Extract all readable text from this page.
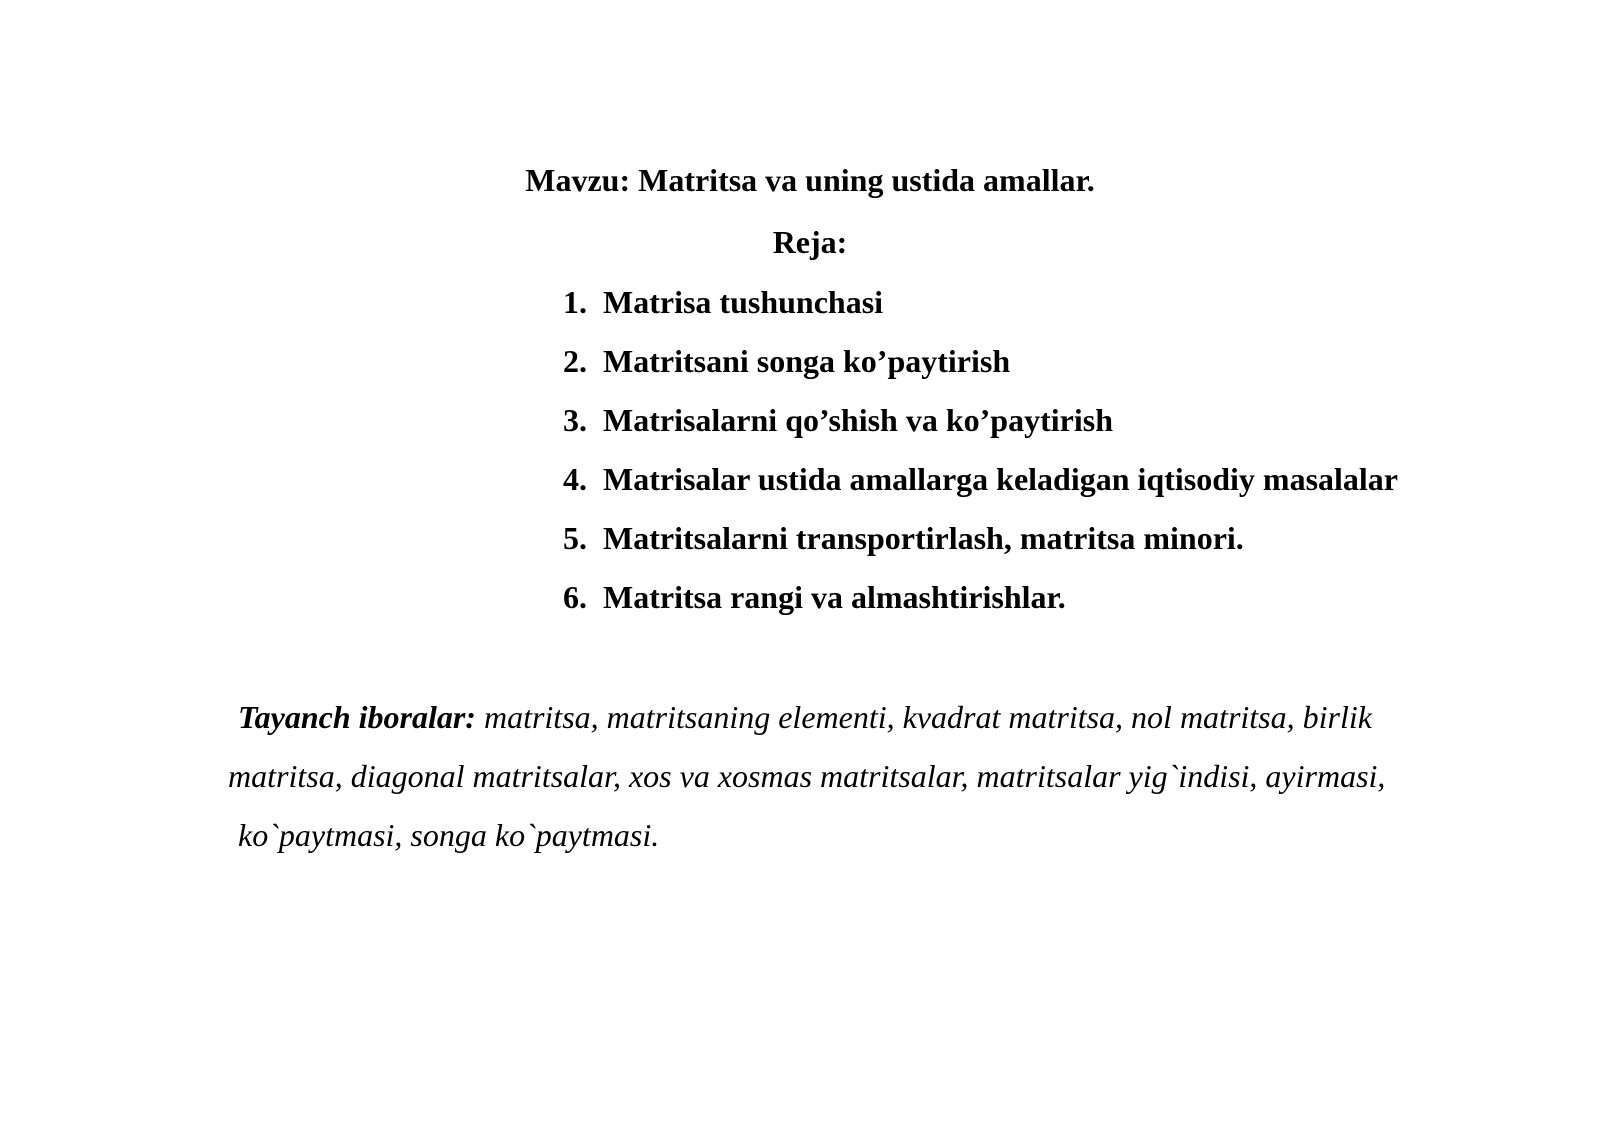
Mavzu: Matritsa va uning ustida amallar.
Reja:
1.  Matrisa tushunchasi
2.  Matritsani songa ko’paytirish
3.  Matrisalarni qo’shish va ko’paytirish
4.  Matrisalar ustida amallarga keladigan iqtisodiy masalalar
5.  Matritsalarni transportirlash, matritsa minori.
6.  Matritsa rangi va almashtirishlar.
Tayanch iboralar: matritsa, matritsaning elementi, kvadrat matritsa, nol matritsa, birlik
matritsa, diagonal matritsalar, xos va xosmas matritsalar, matritsalar yig`indisi, ayirmasi,
ko`paytmasi, songa ko`paytmasi.
